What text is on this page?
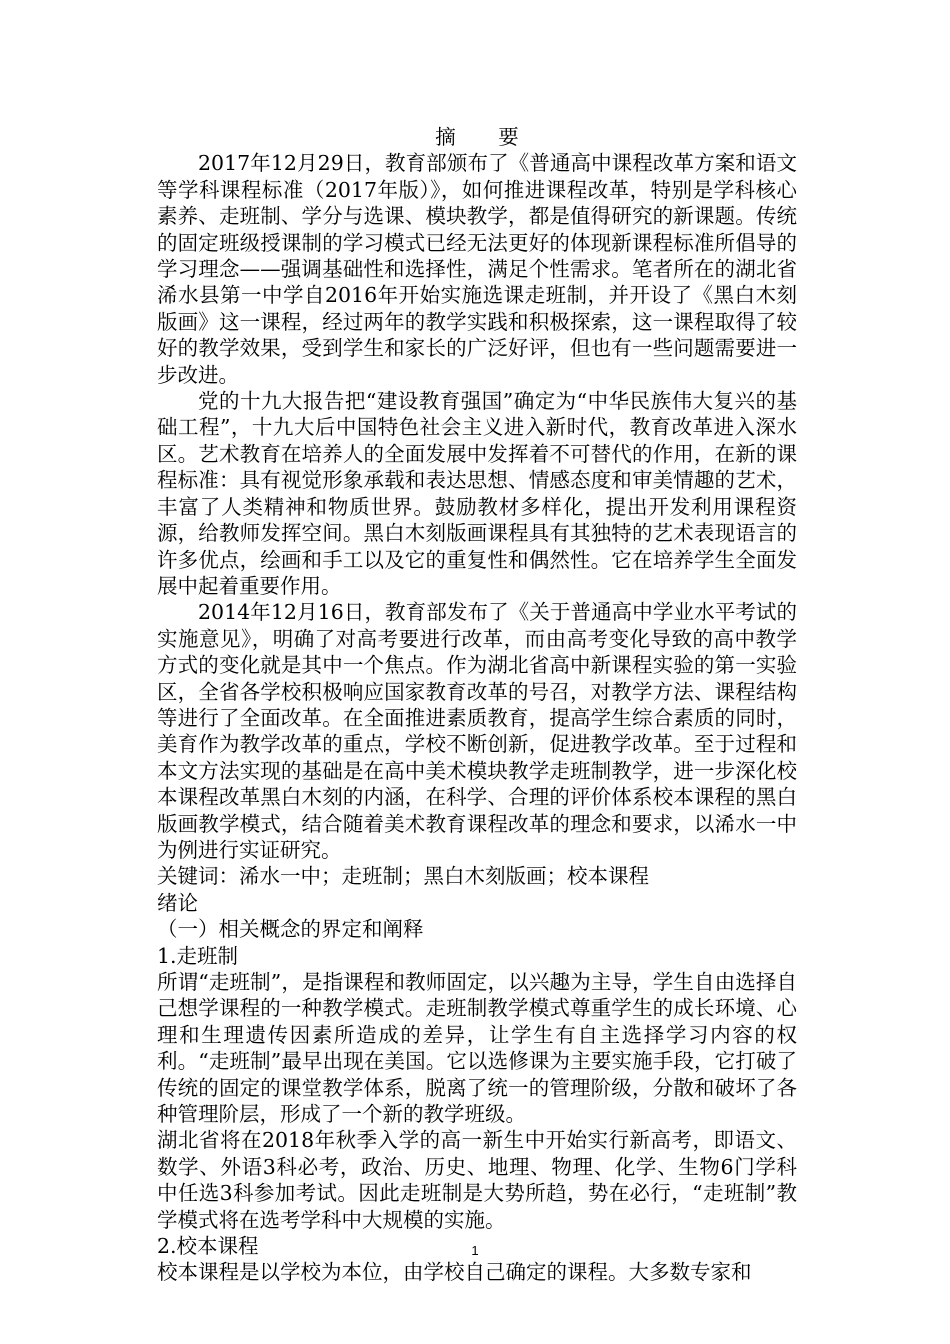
摘 要

2017年12月29日，教育部颁布了《普通高中课程改革方案和语文等学科课程标准（2017年版）》，如何推进课程改革，特别是学科核心素养、走班制、学分与选课、模块教学，都是值得研究的新课题。传统的固定班级授课制的学习模式已经无法更好的体现新课程标准所倡导的学习理念——强调基础性和选择性，满足个性需求。笔者所在的湖北省浠水县第一中学自2016年开始实施选课走班制，并开设了《黑白木刻版画》这一课程，经过两年的教学实践和积极探索，这一课程取得了较好的教学效果，受到学生和家长的广泛好评，但也有一些问题需要进一步改进。

党的十九大报告把“建设教育强国”确定为“中华民族伟大复兴的基础工程”，十九大后中国特色社会主义进入新时代，教育改革进入深水区。艺术教育在培养人的全面发展中发挥着不可替代的作用，在新的课程标准：具有视觉形象承载和表达思想、情感态度和审美情趣的艺术，丰富了人类精神和物质世界。鼓励教材多样化，提出开发利用课程资源，给教师发挥空间。黑白木刻版画课程具有其独特的艺术表现语言的许多优点，绘画和手工以及它的重复性和偶然性。它在培养学生全面发展中起着重要作用。

2014年12月16日，教育部发布了《关于普通高中学业水平考试的实施意见》，明确了对高考要进行改革，而由高考变化导致的高中教学方式的变化就是其中一个焦点。作为湖北省高中新课程实验的第一实验区，全省各学校积极响应国家教育改革的号召，对教学方法、课程结构等进行了全面改革。在全面推进素质教育，提高学生综合素质的同时，美育作为教学改革的重点，学校不断创新，促进教学改革。至于过程和本文方法实现的基础是在高中美术模块教学走班制教学，进一步深化校本课程改革黑白木刻的内涵，在科学、合理的评价体系校本课程的黑白版画教学模式，结合随着美术教育课程改革的理念和要求，以浠水一中为例进行实证研究。

关键词：浠水一中；走班制；黑白木刻版画；校本课程

绪论

（一）相关概念的界定和阐释

1.走班制

所谓“走班制”，是指课程和教师固定，以兴趣为主导，学生自由选择自己想学课程的一种教学模式。走班制教学模式尊重学生的成长环境、心理和生理遗传因素所造成的差异，让学生有自主选择学习内容的权利。“走班制”最早出现在美国。它以选修课为主要实施手段，它打破了传统的固定的课堂教学体系，脱离了统一的管理阶级，分散和破坏了各种管理阶层，形成了一个新的教学班级。

湖北省将在2018年秋季入学的高一新生中开始实行新高考，即语文、数学、外语3科必考，政治、历史、地理、物理、化学、生物6门学科中任选3科参加考试。因此走班制是大势所趋，势在必行，“走班制”教学模式将在选考学科中大规模的实施。

2.校本课程

校本课程是以学校为本位，由学校自己确定的课程。大多数专家和

1
